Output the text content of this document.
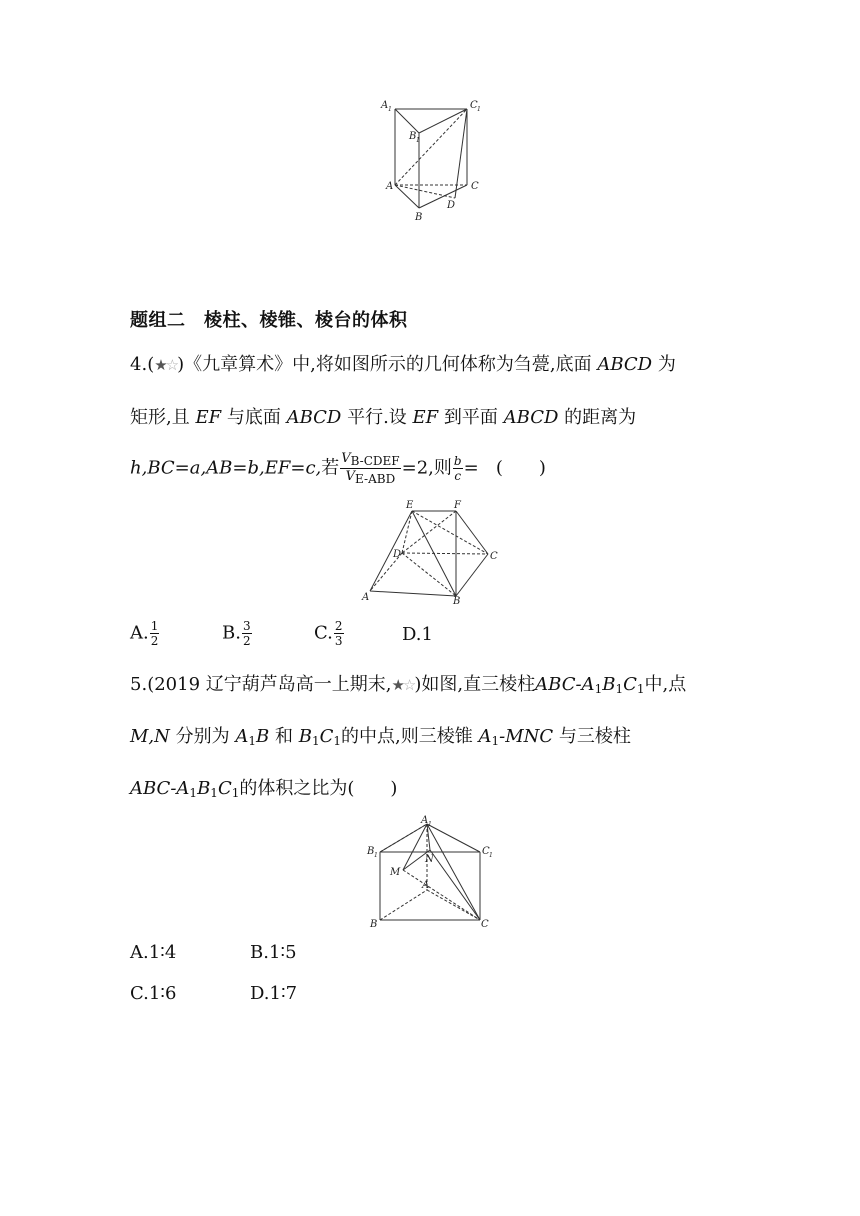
A 1
B 1
C 1
A	C
B
D
题组二　棱柱、棱锥、棱台的体积
4.(★☆)《九章算术》中,将如图所示的几何体称为刍甍,底面 ABCD 为
矩形,且 EF 与底面 ABCD 平行.设 EF 到平面 ABCD 的距离为
h,BC=a,AB=b,EF=c,若 $\frac{\text{VB-CDEF}}{\text{VE-ABD}} =2$,则 $\frac{b}{c}$ = (　　)
E	F
D	C
A	B
A. $\frac{1}{2}$	B. $\frac{3}{2}$	C. $\frac{2}{3}$	D.1
5.(2019 辽宁葫芦岛高一上期末,★☆)如图,直三棱柱ABC-$A_1B_1C_1$中,点
M,N 分别为 $A_1B$ 和 $B_1C_1$的中点,则三棱锥 $A_1$-MNC 与三棱柱
ABC-$A_1B_1C_1$的体积之比为(　　)
A 1
B 1	C 1
M
N
A
B	C
A.1∶4	B.1∶5
C.1∶6	D.1∶7
